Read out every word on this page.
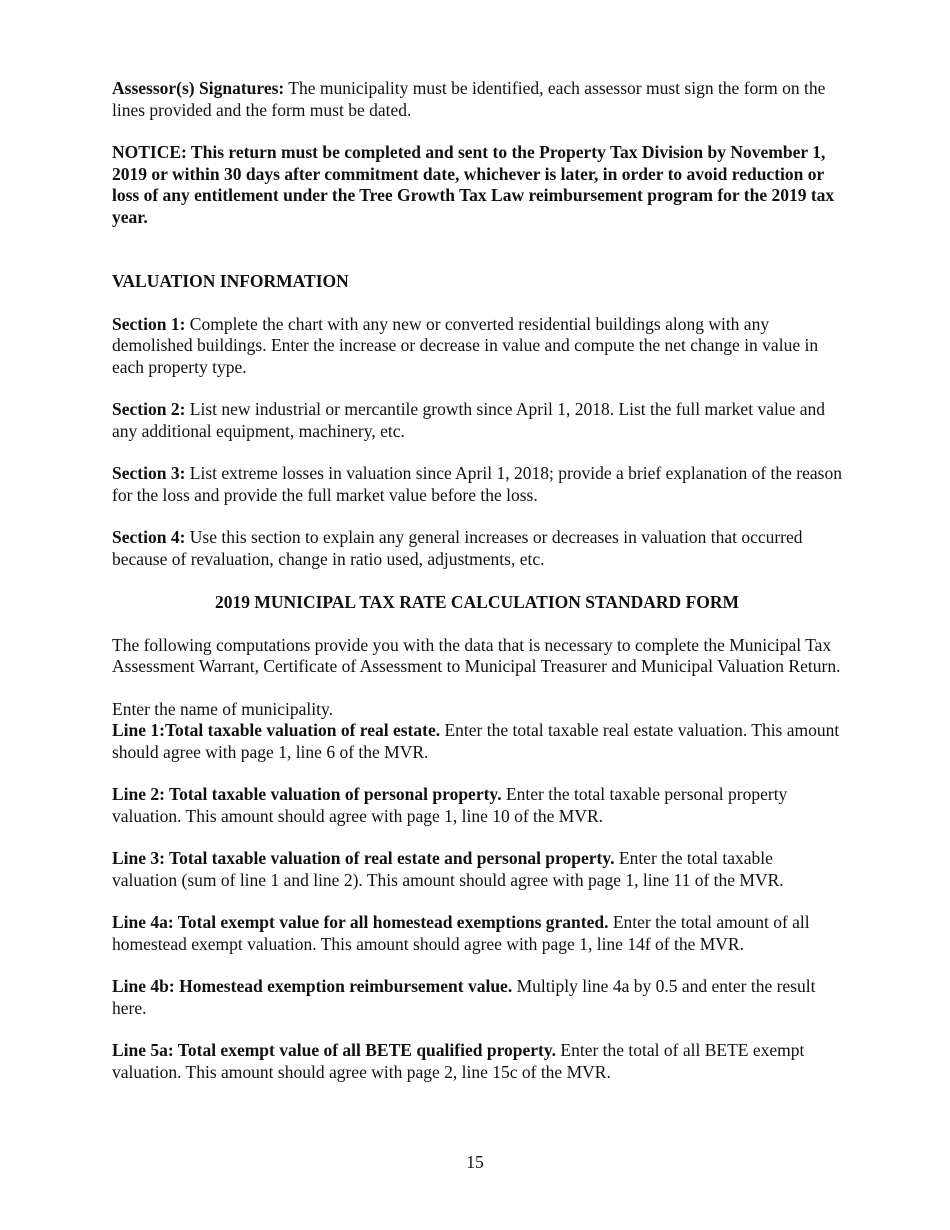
Assessor(s) Signatures: The municipality must be identified, each assessor must sign the form on the lines provided and the form must be dated.

NOTICE: This return must be completed and sent to the Property Tax Division by November 1, 2019 or within 30 days after commitment date, whichever is later, in order to avoid reduction or loss of any entitlement under the Tree Growth Tax Law reimbursement program for the 2019 tax year.

VALUATION INFORMATION

Section 1: Complete the chart with any new or converted residential buildings along with any demolished buildings. Enter the increase or decrease in value and compute the net change in value in each property type.

Section 2: List new industrial or mercantile growth since April 1, 2018. List the full market value and any additional equipment, machinery, etc.

Section 3: List extreme losses in valuation since April 1, 2018; provide a brief explanation of the reason for the loss and provide the full market value before the loss.

Section 4: Use this section to explain any general increases or decreases in valuation that occurred because of revaluation, change in ratio used, adjustments, etc.

2019 MUNICIPAL TAX RATE CALCULATION STANDARD FORM

The following computations provide you with the data that is necessary to complete the Municipal Tax Assessment Warrant, Certificate of Assessment to Municipal Treasurer and Municipal Valuation Return.

Enter the name of municipality.

Line 1:Total taxable valuation of real estate. Enter the total taxable real estate valuation. This amount should agree with page 1, line 6 of the MVR.

Line 2: Total taxable valuation of personal property. Enter the total taxable personal property valuation. This amount should agree with page 1, line 10 of the MVR.

Line 3: Total taxable valuation of real estate and personal property. Enter the total taxable valuation (sum of line 1 and line 2). This amount should agree with page 1, line 11 of the MVR.

Line 4a: Total exempt value for all homestead exemptions granted. Enter the total amount of all homestead exempt valuation. This amount should agree with page 1, line 14f of the MVR.

Line 4b: Homestead exemption reimbursement value. Multiply line 4a by 0.5 and enter the result here.

Line 5a: Total exempt value of all BETE qualified property. Enter the total of all BETE exempt valuation. This amount should agree with page 2, line 15c of the MVR.

15
